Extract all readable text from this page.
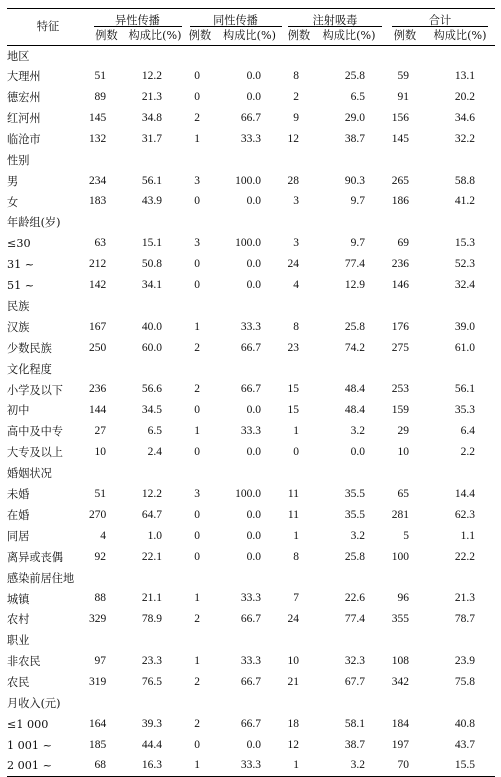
特征	异性传播		同性传播		注射吸毒		合计	
	例数	构成比(%)	例数	构成比(%)	例数	构成比(%)	例数	构成比(%)
地区								
大理州	51	12.2	0	0.0	8	25.8	59	13.1
德宏州	89	21.3	0	0.0	2	6.5	91	20.2
红河州	145	34.8	2	66.7	9	29.0	156	34.6
临沧市	132	31.7	1	33.3	12	38.7	145	32.2
性别								
男	234	56.1	3	100.0	28	90.3	265	58.8
女	183	43.9	0	0.0	3	9.7	186	41.2
年龄组(岁)								
≤30	63	15.1	3	100.0	3	9.7	69	15.3
31 ~	212	50.8	0	0.0	24	77.4	236	52.3
51 ~	142	34.1	0	0.0	4	12.9	146	32.4
民族								
汉族	167	40.0	1	33.3	8	25.8	176	39.0
少数民族	250	60.0	2	66.7	23	74.2	275	61.0
文化程度								
小学及以下	236	56.6	2	66.7	15	48.4	253	56.1
初中	144	34.5	0	0.0	15	48.4	159	35.3
高中及中专	27	6.5	1	33.3	1	3.2	29	6.4
大专及以上	10	2.4	0	0.0	0	0.0	10	2.2
婚姻状况								
未婚	51	12.2	3	100.0	11	35.5	65	14.4
在婚	270	64.7	0	0.0	11	35.5	281	62.3
同居	4	1.0	0	0.0	1	3.2	5	1.1
离异或丧偶	92	22.1	0	0.0	8	25.8	100	22.2
感染前居住地								
城镇	88	21.1	1	33.3	7	22.6	96	21.3
农村	329	78.9	2	66.7	24	77.4	355	78.7
职业								
非农民	97	23.3	1	33.3	10	32.3	108	23.9
农民	319	76.5	2	66.7	21	67.7	342	75.8
月收入(元)								
≤1 000	164	39.3	2	66.7	18	58.1	184	40.8
1 001 ~	185	44.4	0	0.0	12	38.7	197	43.7
2 001 ~	68	16.3	1	33.3	1	3.2	70	15.5
